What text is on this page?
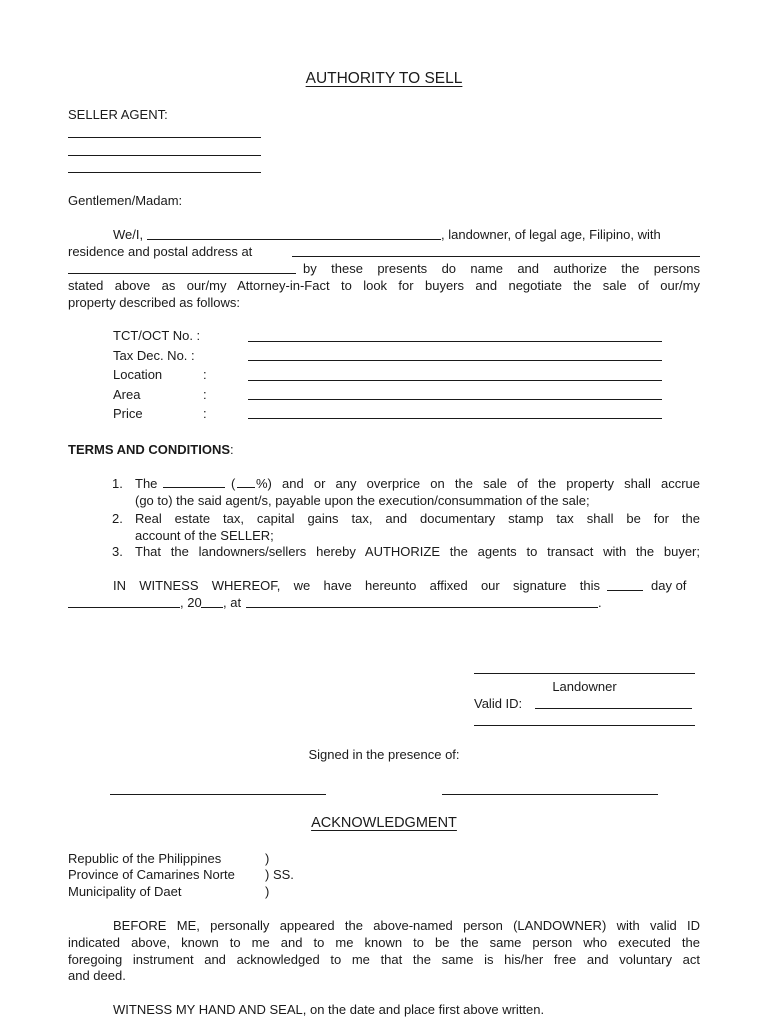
AUTHORITY TO SELL
SELLER AGENT:
Gentlemen/Madam:
We/I,	, landowner, of legal age, Filipino, with
residence and postal address at
by these presents do name and authorize the persons
stated above as our/my Attorney-in-Fact to look for buyers and negotiate the sale of our/my
property described as follows:
TCT/OCT No. :
Tax Dec. No. :
Location	:
Area	:
Price	:
TERMS AND CONDITIONS:
1. The	( %) and or any overprice on the sale of the property shall accrue
(go to) the said agent/s, payable upon the execution/consummation of the sale;
2. Real estate tax, capital gains tax, and documentary stamp tax shall be for the
account of the SELLER;
3. That the landowners/sellers hereby AUTHORIZE the agents to transact with the buyer;
IN WITNESS WHEREOF, we have hereunto affixed our signature this	day of
, 20 , at	.
Landowner
Valid ID:
Signed in the presence of:
ACKNOWLEDGMENT
Republic of the Philippines	)
Province of Camarines Norte ) SS.
Municipality of Daet	)
BEFORE ME, personally appeared the above-named person (LANDOWNER) with valid ID
indicated above, known to me and to me known to be the same person who executed the
foregoing instrument and acknowledged to me that the same is his/her free and voluntary act
and deed.
WITNESS MY HAND AND SEAL, on the date and place first above written.
